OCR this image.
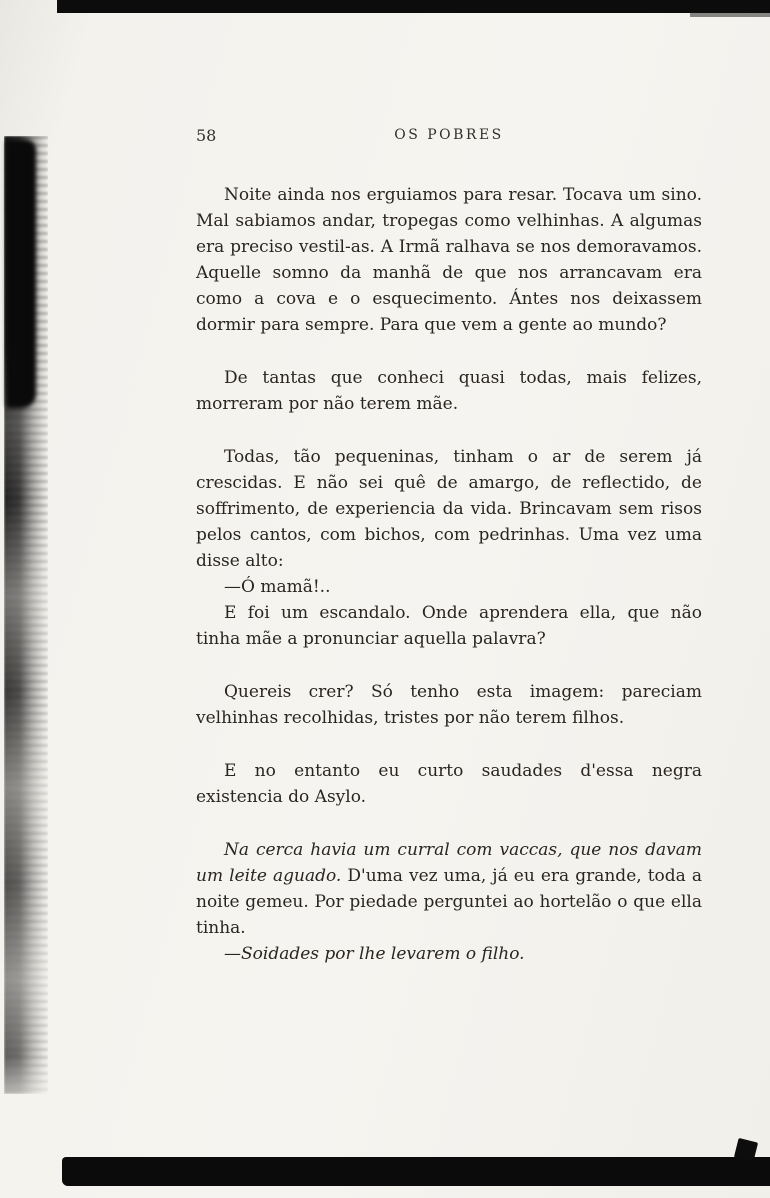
58	OS POBRES

Noite ainda nos erguiamos para resar. Tocava um sino. Mal sabiamos andar, tropegas como velhinhas. A algumas era preciso vestil-as. A Irmã ralhava se nos demoravamos. Aquelle somno da manhã de que nos arrancavam era como a cova e o esquecimento. Ántes nos deixassem dormir para sempre. Para que vem a gente ao mundo?

De tantas que conheci quasi todas, mais felizes, morreram por não terem mãe.

Todas, tão pequeninas, tinham o ar de serem já crescidas. E não sei quê de amargo, de reflectido, de soffrimento, de experiencia da vida. Brincavam sem risos pelos cantos, com bichos, com pedrinhas. Uma vez uma disse alto:

—Ó mamã!..

E foi um escandalo. Onde aprendera ella, que não tinha mãe a pronunciar aquella palavra?

Quereis crer? Só tenho esta imagem: pareciam velhinhas recolhidas, tristes por não terem filhos.

E no entanto eu curto saudades d'essa negra existencia do Asylo.

Na cerca havia um curral com vaccas, que nos davam um leite aguado. D'uma vez uma, já eu era grande, toda a noite gemeu. Por piedade perguntei ao hortelão o que ella tinha.

—Soidades por lhe levarem o filho.
